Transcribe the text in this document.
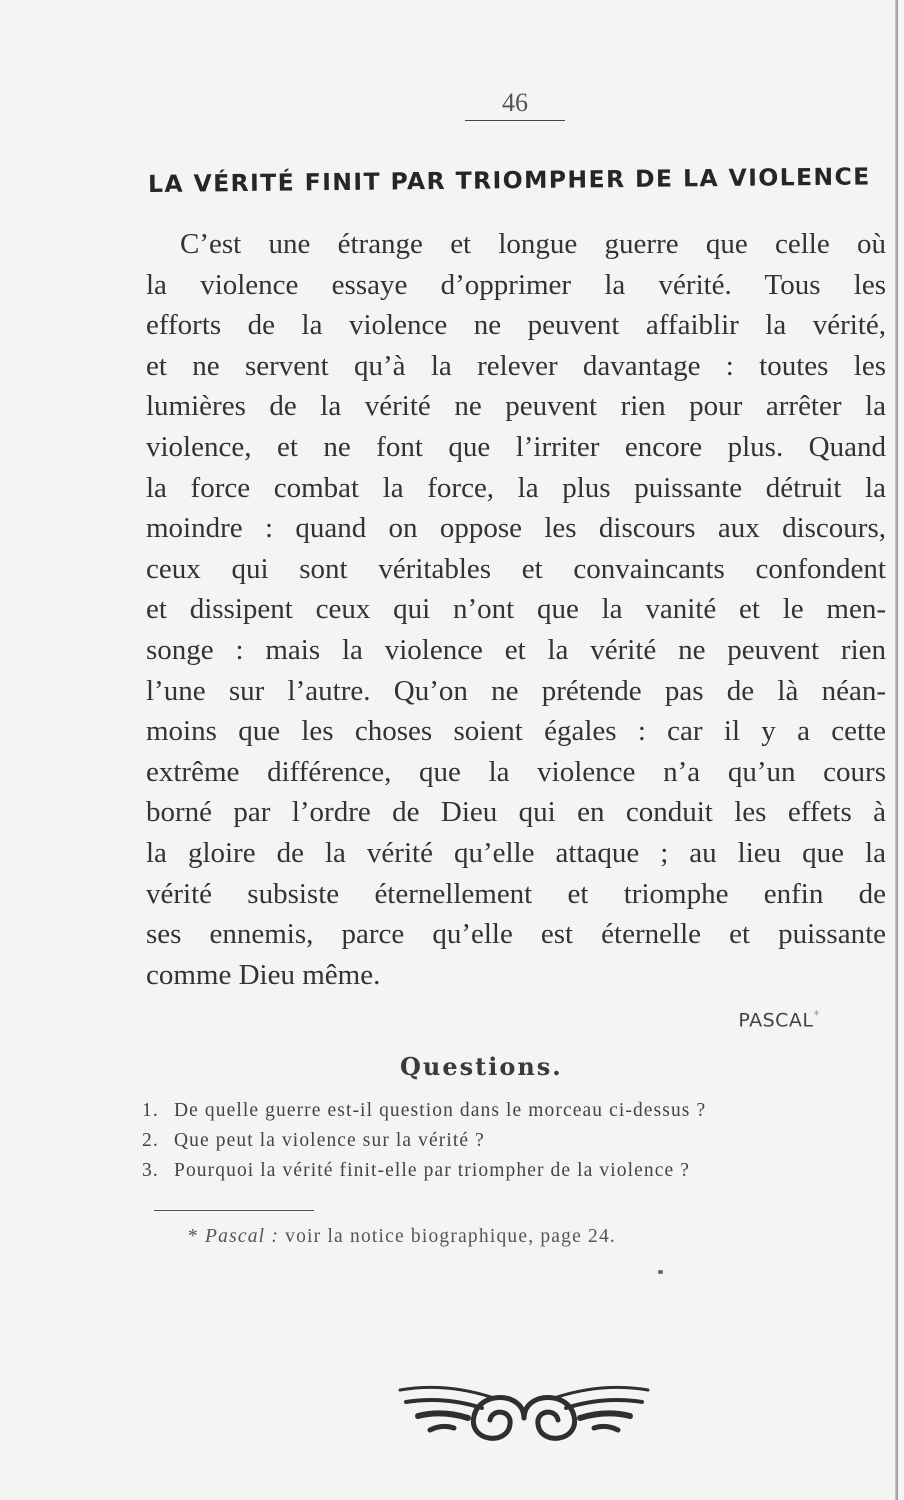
46
LA VÉRITÉ FINIT PAR TRIOMPHER DE LA VIOLENCE
C’est une étrange et longue guerre que celle où
la violence essaye d’opprimer la vérité. Tous les
efforts de la violence ne peuvent affaiblir la vérité,
et ne servent qu’à la relever davantage : toutes les
lumières de la vérité ne peuvent rien pour arrêter la
violence, et ne font que l’irriter encore plus. Quand
la force combat la force, la plus puissante détruit la
moindre : quand on oppose les discours aux discours,
ceux qui sont véritables et convaincants confondent
et dissipent ceux qui n’ont que la vanité et le men-
songe : mais la violence et la vérité ne peuvent rien
l’une sur l’autre. Qu’on ne prétende pas de là néan-
moins que les choses soient égales : car il y a cette
extrême différence, que la violence n’a qu’un cours
borné par l’ordre de Dieu qui en conduit les effets à
la gloire de la vérité qu’elle attaque ; au lieu que la
vérité subsiste éternellement et triomphe enfin de
ses ennemis, parce qu’elle est éternelle et puissante
comme Dieu même.
PASCAL*
Questions.
1. De quelle guerre est-il question dans le morceau ci-dessus ?
2. Que peut la violence sur la vérité ?
3. Pourquoi la vérité finit-elle par triompher de la violence ?
* Pascal : voir la notice biographique, page 24.
